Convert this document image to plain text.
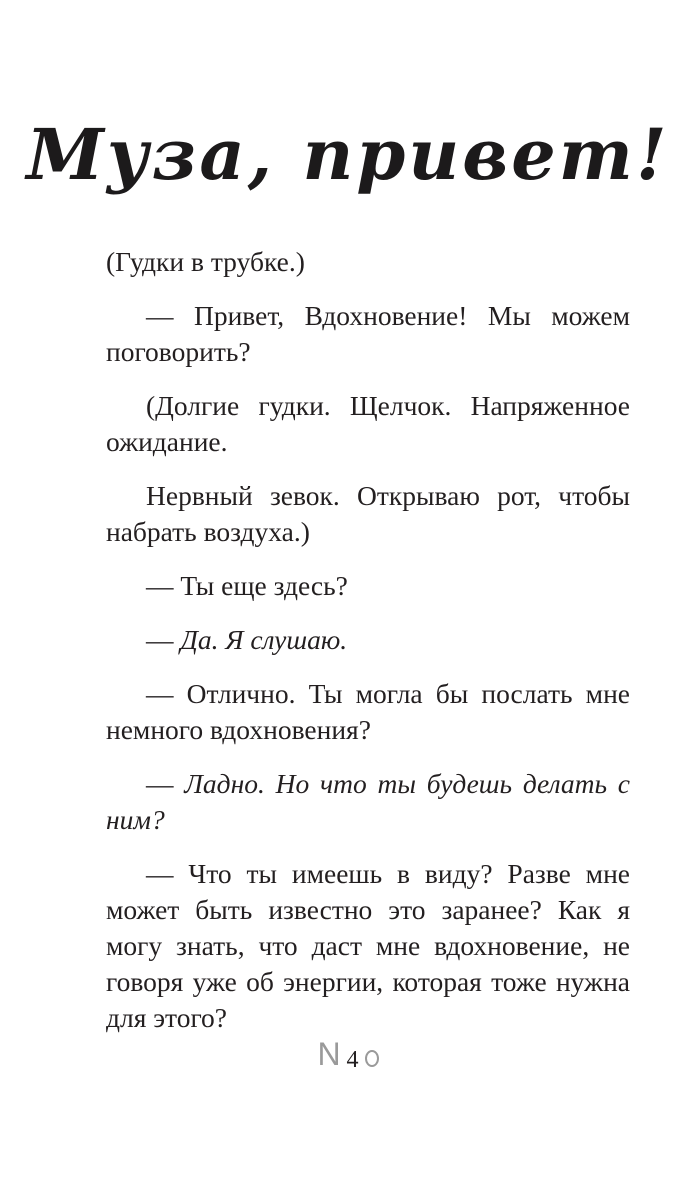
Муза, привет!

(Гудки в трубке.)

— Привет, Вдохновение! Мы можем поговорить?

(Долгие гудки. Щелчок. Напряженное ожидание.

Нервный зевок. Открываю рот, чтобы набрать воздуха.)

— Ты еще здесь?

— Да. Я слушаю.

— Отлично. Ты могла бы послать мне немного вдохновения?

— Ладно. Но что ты будешь делать с ним?

— Что ты имеешь в виду? Разве мне может быть известно это заранее? Как я могу знать, что даст мне вдохновение, не говоря уже об энергии, которая тоже нужна для этого?

N 4
